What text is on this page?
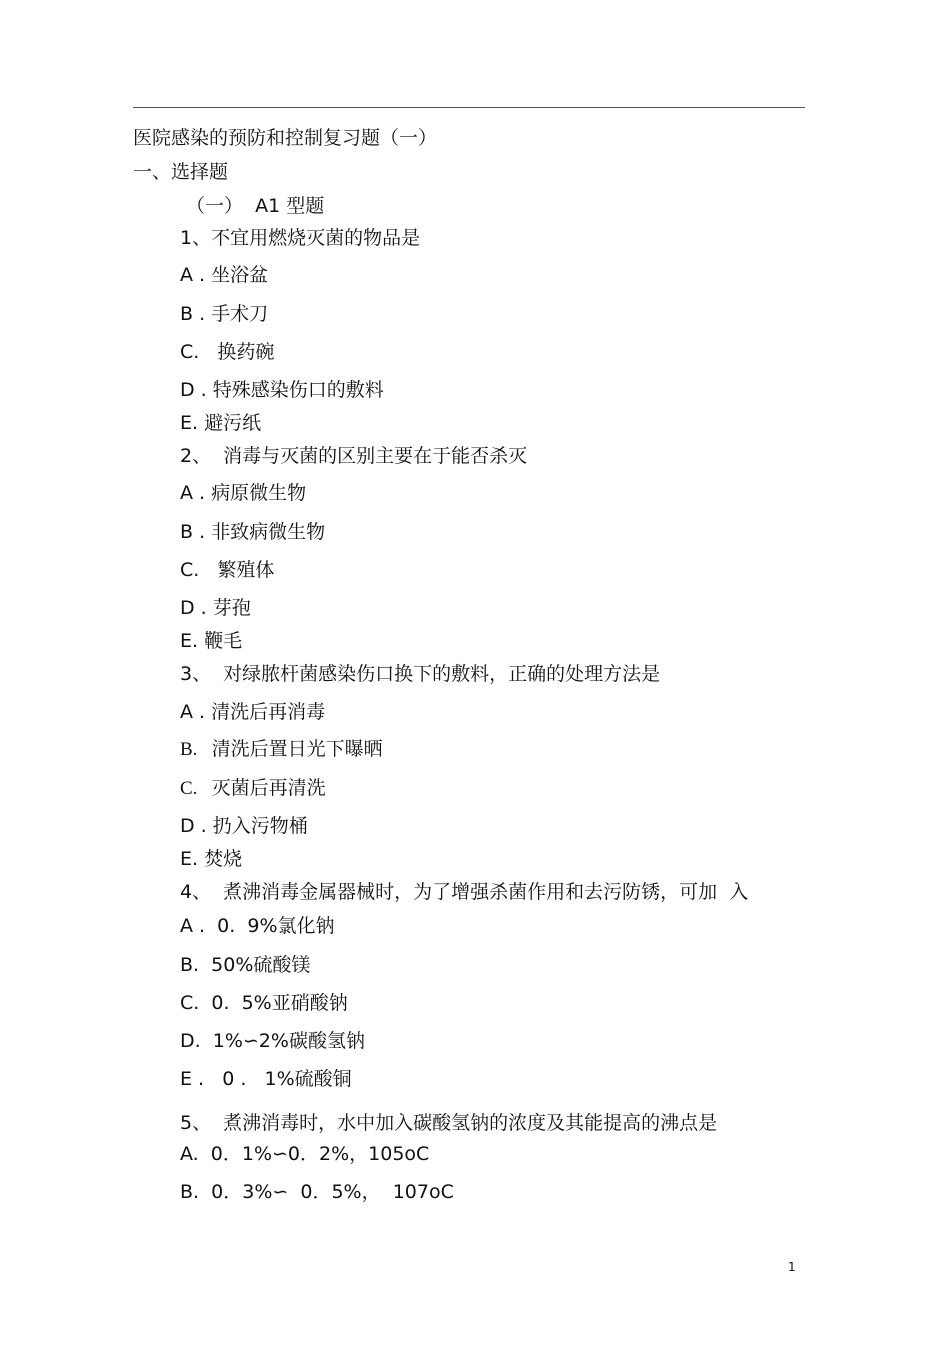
医院感染的预防和控制复习题（一）
一、选择题
（一）  A1 型题
1、不宜用燃烧灭菌的物品是
A . 坐浴盆
B . 手术刀
C.   换药碗
D . 特殊感染伤口的敷料
E. 避污纸
2、  消毒与灭菌的区别主要在于能否杀灭
A . 病原微生物
B . 非致病微生物
C.   繁殖体
D . 芽孢
E. 鞭毛
3、  对绿脓杆菌感染伤口换下的敷料，正确的处理方法是
A . 清洗后再消毒
B.   清洗后置日光下曝晒
C.   灭菌后再清洗
D . 扔入污物桶
E. 焚烧
4、  煮沸消毒金属器械时，为了增强杀菌作用和去污防锈，可加  入
A .  0.  9%氯化钠
B.  50%硫酸镁
C.  0.  5%亚硝酸钠
D.  1%∽2%碳酸氢钠
E .   0 .   1%硫酸铜
5、  煮沸消毒时，水中加入碳酸氢钠的浓度及其能提高的沸点是
A.  0．1%∽0．2%，105oC
B.  0．3%∽  0．5%，  107oC
1
